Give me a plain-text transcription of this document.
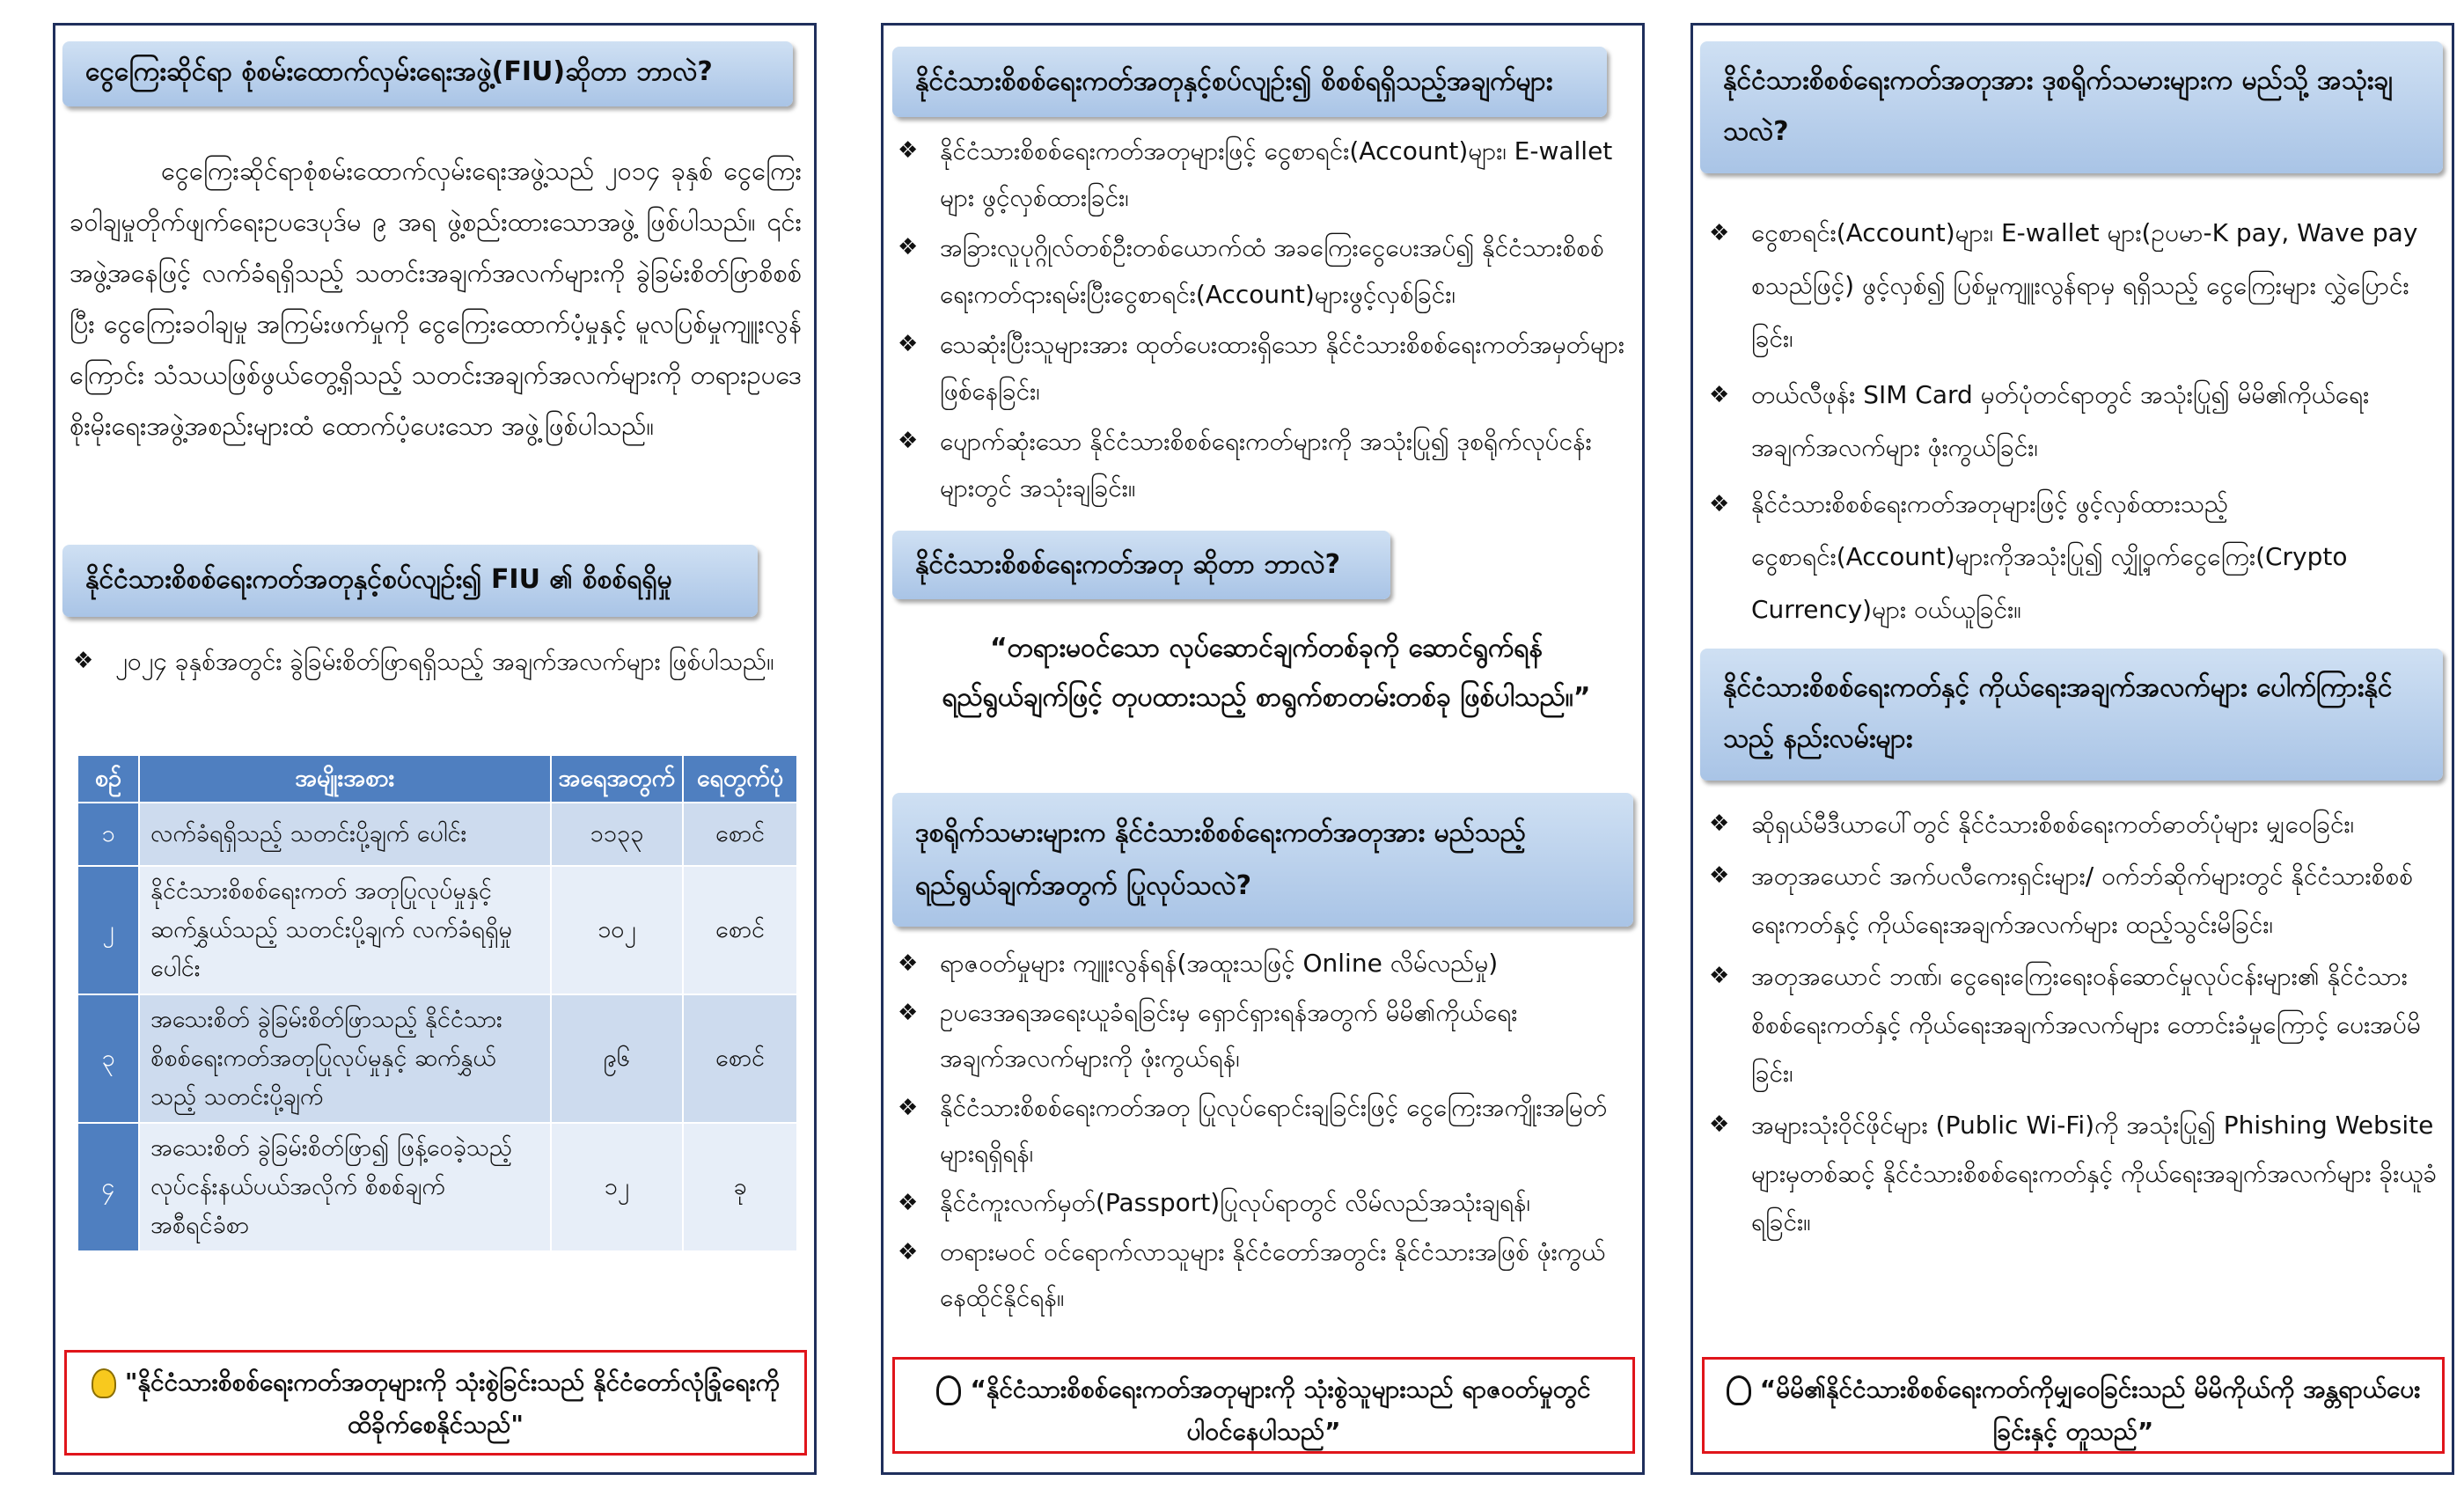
ငွေကြေးဆိုင်ရာ စုံစမ်းထောက်လှမ်းရေးအဖွဲ့(FIU)ဆိုတာ ဘာလဲ?
ငွေကြေးဆိုင်ရာစုံစမ်းထောက်လှမ်းရေးအဖွဲ့သည် ၂၀၁၄ ခုနှစ် ငွေကြေးခဝါချမှုတိုက်ဖျက်ရေးဥပဒေပုဒ်မ ၉ အရ ဖွဲ့စည်းထားသောအဖွဲ့ ဖြစ်ပါသည်။ ၎င်းအဖွဲ့အနေဖြင့် လက်ခံရရှိသည့် သတင်းအချက်အလက်များကို ခွဲခြမ်းစိတ်ဖြာစိစစ်ပြီး ငွေကြေးခဝါချမှု အကြမ်းဖက်မှုကို ငွေကြေးထောက်ပံ့မှုနှင့် မူလပြစ်မှုကျူးလွန်ကြောင်း သံသယဖြစ်ဖွယ်တွေ့ရှိသည့် သတင်းအချက်အလက်များကို တရားဥပဒေစိုးမိုးရေးအဖွဲ့အစည်းများထံ ထောက်ပံ့ပေးသော အဖွဲ့ဖြစ်ပါသည်။
နိုင်ငံသားစိစစ်ရေးကတ်အတုနှင့်စပ်လျဉ်း၍ FIU ၏ စိစစ်ရရှိမှု
❖ ၂၀၂၄ ခုနှစ်အတွင်း ခွဲခြမ်းစိတ်ဖြာရရှိသည့် အချက်အလက်များ ဖြစ်ပါသည်။
စဉ်	အမျိုးအစား	အရေအတွက်	ရေတွက်ပုံ
၁	လက်ခံရရှိသည့် သတင်းပို့ချက် ပေါင်း	၁၁၃၃	စောင်
၂	နိုင်ငံသားစိစစ်ရေးကတ် အတုပြုလုပ်မှုနှင့်ဆက်နွှယ်သည့် သတင်းပို့ချက် လက်ခံရရှိမှုပေါင်း	၁၀၂	စောင်
၃	အသေးစိတ် ခွဲခြမ်းစိတ်ဖြာသည့် နိုင်ငံသားစိစစ်ရေးကတ်အတုပြုလုပ်မှုနှင့် ဆက်နွှယ်သည့် သတင်းပို့ချက်	၉၆	စောင်
၄	အသေးစိတ် ခွဲခြမ်းစိတ်ဖြာ၍ ဖြန့်ဝေခဲ့သည့် လုပ်ငန်းနယ်ပယ်အလိုက် စိစစ်ချက်အစီရင်ခံစာ	၁၂	ခု
"နိုင်ငံသားစိစစ်ရေးကတ်အတုများကို သုံးစွဲခြင်းသည် နိုင်ငံတော်လုံခြုံရေးကို ထိခိုက်စေနိုင်သည်"
နိုင်ငံသားစိစစ်ရေးကတ်အတုနှင့်စပ်လျဉ်း၍ စိစစ်ရရှိသည့်အချက်များ
❖ နိုင်ငံသားစိစစ်ရေးကတ်အတုများဖြင့် ငွေစာရင်း(Account)များ၊ E-wallet များ ဖွင့်လှစ်ထားခြင်း၊
❖ အခြားလူပုဂ္ဂိုလ်တစ်ဦးတစ်ယောက်ထံ အခကြေးငွေပေးအပ်၍ နိုင်ငံသားစိစစ်ရေးကတ်၎ားရမ်းပြီးငွေစာရင်း(Account)များဖွင့်လှစ်ခြင်း၊
❖ သေဆုံးပြီးသူများအား ထုတ်ပေးထားရှိသော နိုင်ငံသားစိစစ်ရေးကတ်အမှတ်များဖြစ်နေခြင်း၊
❖ ပျောက်ဆုံးသော နိုင်ငံသားစိစစ်ရေးကတ်များကို အသုံးပြု၍ ဒုစရိုက်လုပ်ငန်းများတွင် အသုံးချခြင်း။
နိုင်ငံသားစိစစ်ရေးကတ်အတု ဆိုတာ ဘာလဲ?
“တရားမဝင်သော လုပ်ဆောင်ချက်တစ်ခုကို ဆောင်ရွက်ရန် ရည်ရွယ်ချက်ဖြင့် တုပထားသည့် စာရွက်စာတမ်းတစ်ခု ဖြစ်ပါသည်။”
ဒုစရိုက်သမားများက နိုင်ငံသားစိစစ်ရေးကတ်အတုအား မည်သည့်ရည်ရွယ်ချက်အတွက် ပြုလုပ်သလဲ?
❖ ရာဇဝတ်မှုများ ကျူးလွန်ရန်(အထူးသဖြင့် Online လိမ်လည်မှု)
❖ ဥပဒေအရအရေးယူခံရခြင်းမှ ရှောင်ရှားရန်အတွက် မိမိ၏ကိုယ်ရေးအချက်အလက်များကို ဖုံးကွယ်ရန်၊
❖ နိုင်ငံသားစိစစ်ရေးကတ်အတု ပြုလုပ်ရောင်းချခြင်းဖြင့် ငွေကြေးအကျိုးအမြတ်များရရှိရန်၊
❖ နိုင်ငံကူးလက်မှတ်(Passport)ပြုလုပ်ရာတွင် လိမ်လည်အသုံးချရန်၊
❖ တရားမဝင် ဝင်ရောက်လာသူများ နိုင်ငံတော်အတွင်း နိုင်ငံသားအဖြစ် ဖုံးကွယ်နေထိုင်နိုင်ရန်။
“နိုင်ငံသားစိစစ်ရေးကတ်အတုများကို သုံးစွဲသူများသည် ရာဇဝတ်မှုတွင် ပါဝင်နေပါသည်”
နိုင်ငံသားစိစစ်ရေးကတ်အတုအား ဒုစရိုက်သမားများက မည်သို့ အသုံးချသလဲ?
❖ ငွေစာရင်း(Account)များ၊ E-wallet များ(ဥပမာ-K pay, Wave pay စသည်ဖြင့်) ဖွင့်လှစ်၍ ပြစ်မှုကျူးလွန်ရာမှ ရရှိသည့် ငွေကြေးများ လွှဲပြောင်းခြင်း၊
❖ တယ်လီဖုန်း SIM Card မှတ်ပုံတင်ရာတွင် အသုံးပြု၍ မိမိ၏ကိုယ်ရေးအချက်အလက်များ ဖုံးကွယ်ခြင်း၊
❖ နိုင်ငံသားစိစစ်ရေးကတ်အတုများဖြင့် ဖွင့်လှစ်ထားသည့် ငွေစာရင်း(Account)များကိုအသုံးပြု၍ လျှို့ဝှက်ငွေကြေး(Crypto Currency)များ ဝယ်ယူခြင်း။
နိုင်ငံသားစိစစ်ရေးကတ်နှင့် ကိုယ်ရေးအချက်အလက်များ ပေါက်ကြားနိုင်သည့် နည်းလမ်းများ
❖ ဆိုရှယ်မီဒီယာပေါ်တွင် နိုင်ငံသားစိစစ်ရေးကတ်ဓာတ်ပုံများ မျှဝေခြင်း၊
❖ အတုအယောင် အက်ပလီကေးရှင်းများ/ ဝက်ဘ်ဆိုက်များတွင် နိုင်ငံသားစိစစ်ရေးကတ်နှင့် ကိုယ်ရေးအချက်အလက်များ ထည့်သွင်းမိခြင်း၊
❖ အတုအယောင် ဘဏ်၊ ငွေရေးကြေးရေးဝန်ဆောင်မှုလုပ်ငန်းများ၏ နိုင်ငံသားစိစစ်ရေးကတ်နှင့် ကိုယ်ရေးအချက်အလက်များ တောင်းခံမှုကြောင့် ပေးအပ်မိခြင်း၊
❖ အများသုံးဝိုင်ဖိုင်များ (Public Wi-Fi)ကို အသုံးပြု၍ Phishing Website များမှတစ်ဆင့် နိုင်ငံသားစိစစ်ရေးကတ်နှင့် ကိုယ်ရေးအချက်အလက်များ ခိုးယူခံရခြင်း။
“မိမိ၏နိုင်ငံသားစိစစ်ရေးကတ်ကိုမျှဝေခြင်းသည် မိမိကိုယ်ကို အန္တရာယ်ပေးခြင်းနှင့် တူသည်”
